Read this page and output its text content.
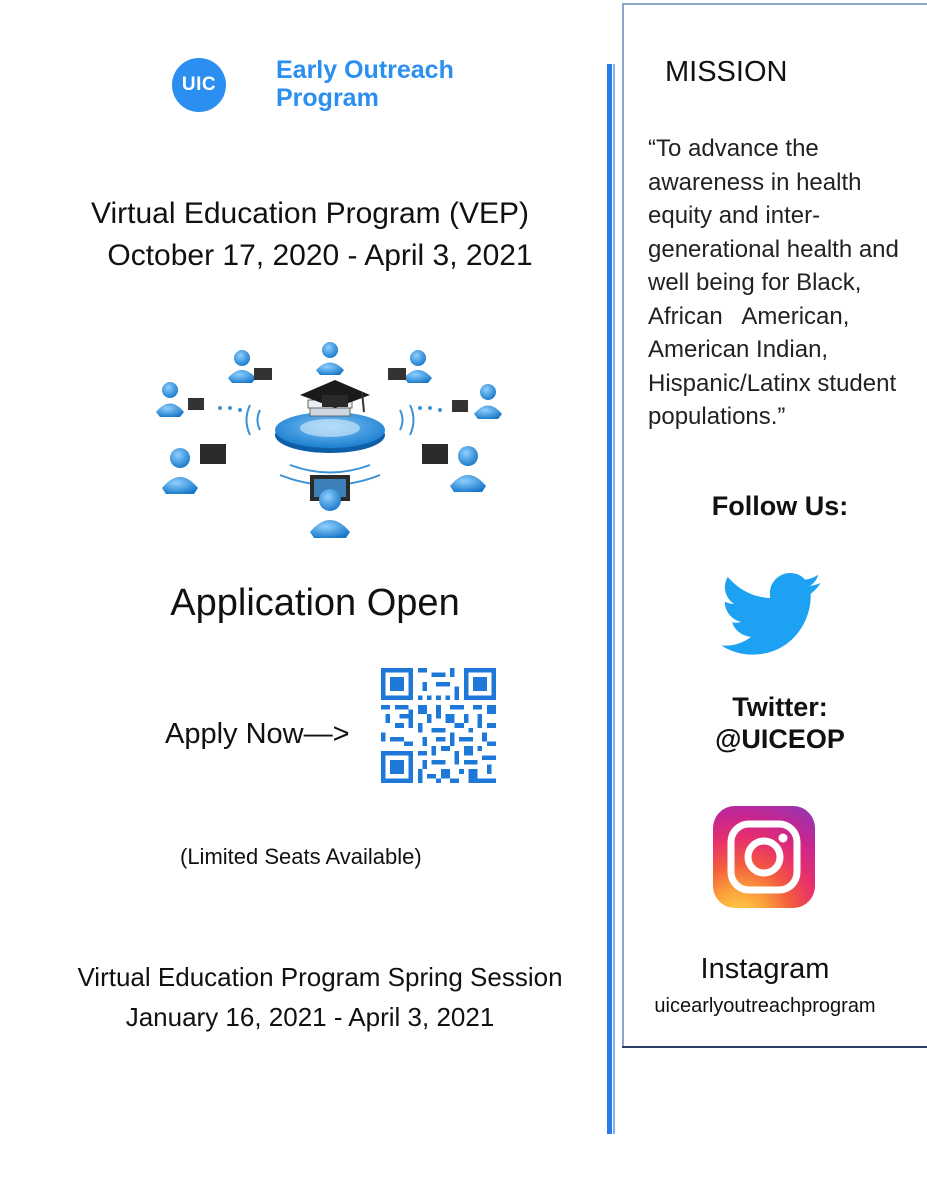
UIC
Early Outreach
Program
Virtual Education Program (VEP)
October 17, 2020 - April 3, 2021
Application Open
Apply Now—>
(Limited Seats Available)
Virtual Education Program Spring Session
January 16, 2021 - April 3, 2021
MISSION
“To advance the
awareness in health
equity and inter-
generational health and
well being for Black,
African   American,
American Indian,
Hispanic/Latinx student
populations.”
Follow Us:
Twitter:
@UICEOP
Instagram
uicearlyoutreachprogram
